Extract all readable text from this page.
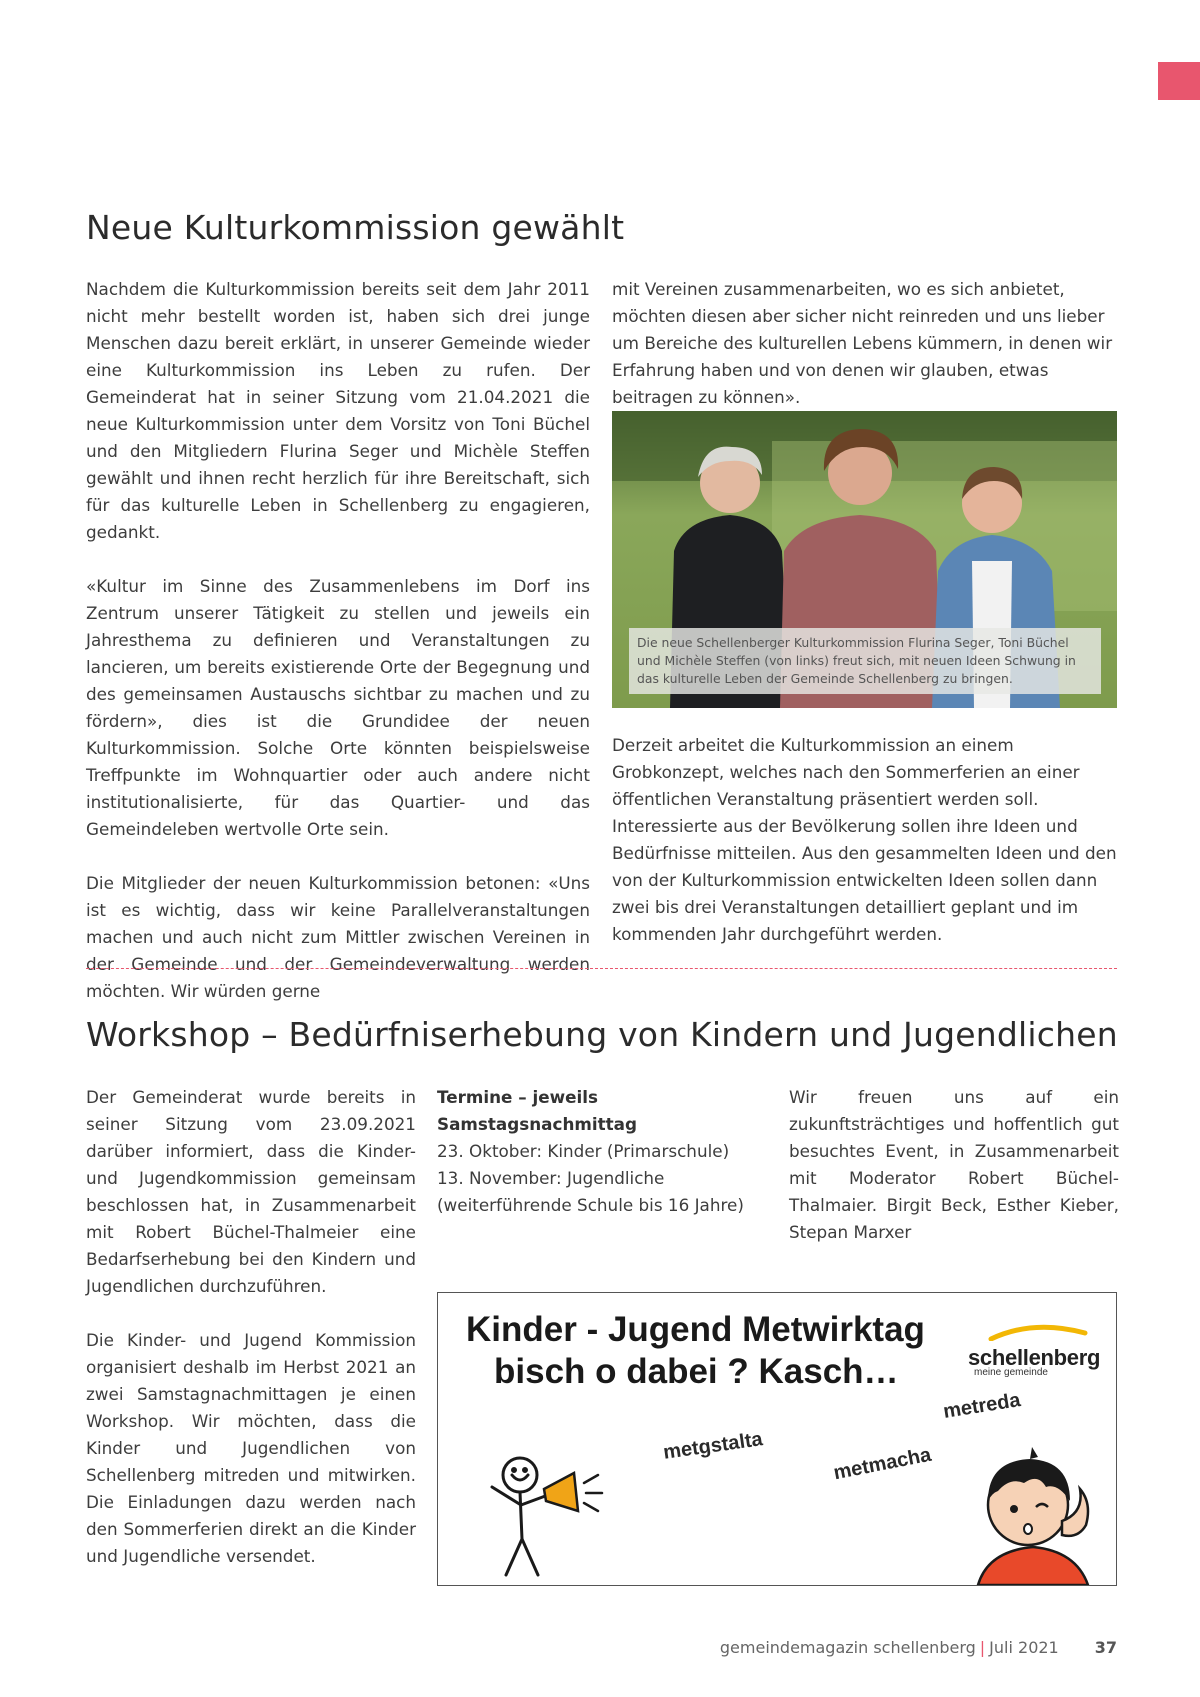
Neue Kulturkommission gewählt

Nachdem die Kulturkommission bereits seit dem Jahr 2011 nicht mehr bestellt worden ist, haben sich drei junge Menschen dazu bereit erklärt, in unserer Gemeinde wieder eine Kulturkommission ins Leben zu rufen. Der Gemeinderat hat in seiner Sitzung vom 21.04.2021 die neue Kulturkommission unter dem Vorsitz von Toni Büchel und den Mitgliedern Flurina Seger und Michèle Steffen gewählt und ihnen recht herzlich für ihre Bereitschaft, sich für das kulturelle Leben in Schellenberg zu engagieren, gedankt.

«Kultur im Sinne des Zusammenlebens im Dorf ins Zentrum unserer Tätigkeit zu stellen und jeweils ein Jahresthema zu definieren und Veranstaltungen zu lancieren, um bereits existierende Orte der Begegnung und des gemeinsamen Austauschs sichtbar zu machen und zu fördern», dies ist die Grundidee der neuen Kulturkommission. Solche Orte könnten beispielsweise Treffpunkte im Wohnquartier oder auch andere nicht institutionalisierte, für das Quartier- und das Gemeindeleben wertvolle Orte sein.

Die Mitglieder der neuen Kulturkommission betonen: «Uns ist es wichtig, dass wir keine Parallelveranstaltungen machen und auch nicht zum Mittler zwischen Vereinen in der Gemeinde und der Gemeindeverwaltung werden möchten. Wir würden gerne

mit Vereinen zusammenarbeiten, wo es sich anbietet, möchten diesen aber sicher nicht reinreden und uns lieber um Bereiche des kulturellen Lebens kümmern, in denen wir Erfahrung haben und von denen wir glauben, etwas beitragen zu können».

Die neue Schellenberger Kulturkommission Flurina Seger, Toni Büchel und Michèle Steffen (von links) freut sich, mit neuen Ideen Schwung in das kulturelle Leben der Gemeinde Schellenberg zu bringen.

Derzeit arbeitet die Kulturkommission an einem Grobkonzept, welches nach den Sommerferien an einer öffentlichen Veranstaltung präsentiert werden soll. Interessierte aus der Bevölkerung sollen ihre Ideen und Bedürfnisse mitteilen. Aus den gesammelten Ideen und den von der Kulturkommission entwickelten Ideen sollen dann zwei bis drei Veranstaltungen detailliert geplant und im kommenden Jahr durchgeführt werden.

Workshop – Bedürfniserhebung von Kindern und Jugendlichen

Der Gemeinderat wurde bereits in seiner Sitzung vom 23.09.2021 darüber informiert, dass die Kinder- und Jugendkommission gemeinsam beschlossen hat, in Zusammenarbeit mit Robert Büchel-Thalmeier eine Bedarfserhebung bei den Kindern und Jugendlichen durchzuführen.

Die Kinder- und Jugend Kommission organisiert deshalb im Herbst 2021 an zwei Samstagnachmittagen je einen Workshop. Wir möchten, dass die Kinder und Jugendlichen von Schellenberg mitreden und mitwirken. Die Einladungen dazu werden nach den Sommerferien direkt an die Kinder und Jugendliche versendet.

Termine – jeweils Samstagsnachmittag
23. Oktober: Kinder (Primarschule)
13. November: Jugendliche (weiterführende Schule bis 16 Jahre)

Wir freuen uns auf ein zukunftsträchtiges und hoffentlich gut besuchtes Event, in Zusammenarbeit mit Moderator Robert Büchel-Thalmaier. Birgit Beck, Esther Kieber, Stepan Marxer

Kinder - Jugend Metwirktag
bisch o dabei ? Kasch…	schellenberg
meine gemeinde
metgstalta
metreda
metmacha
gemeindemagazin schellenberg | Juli 2021 37
